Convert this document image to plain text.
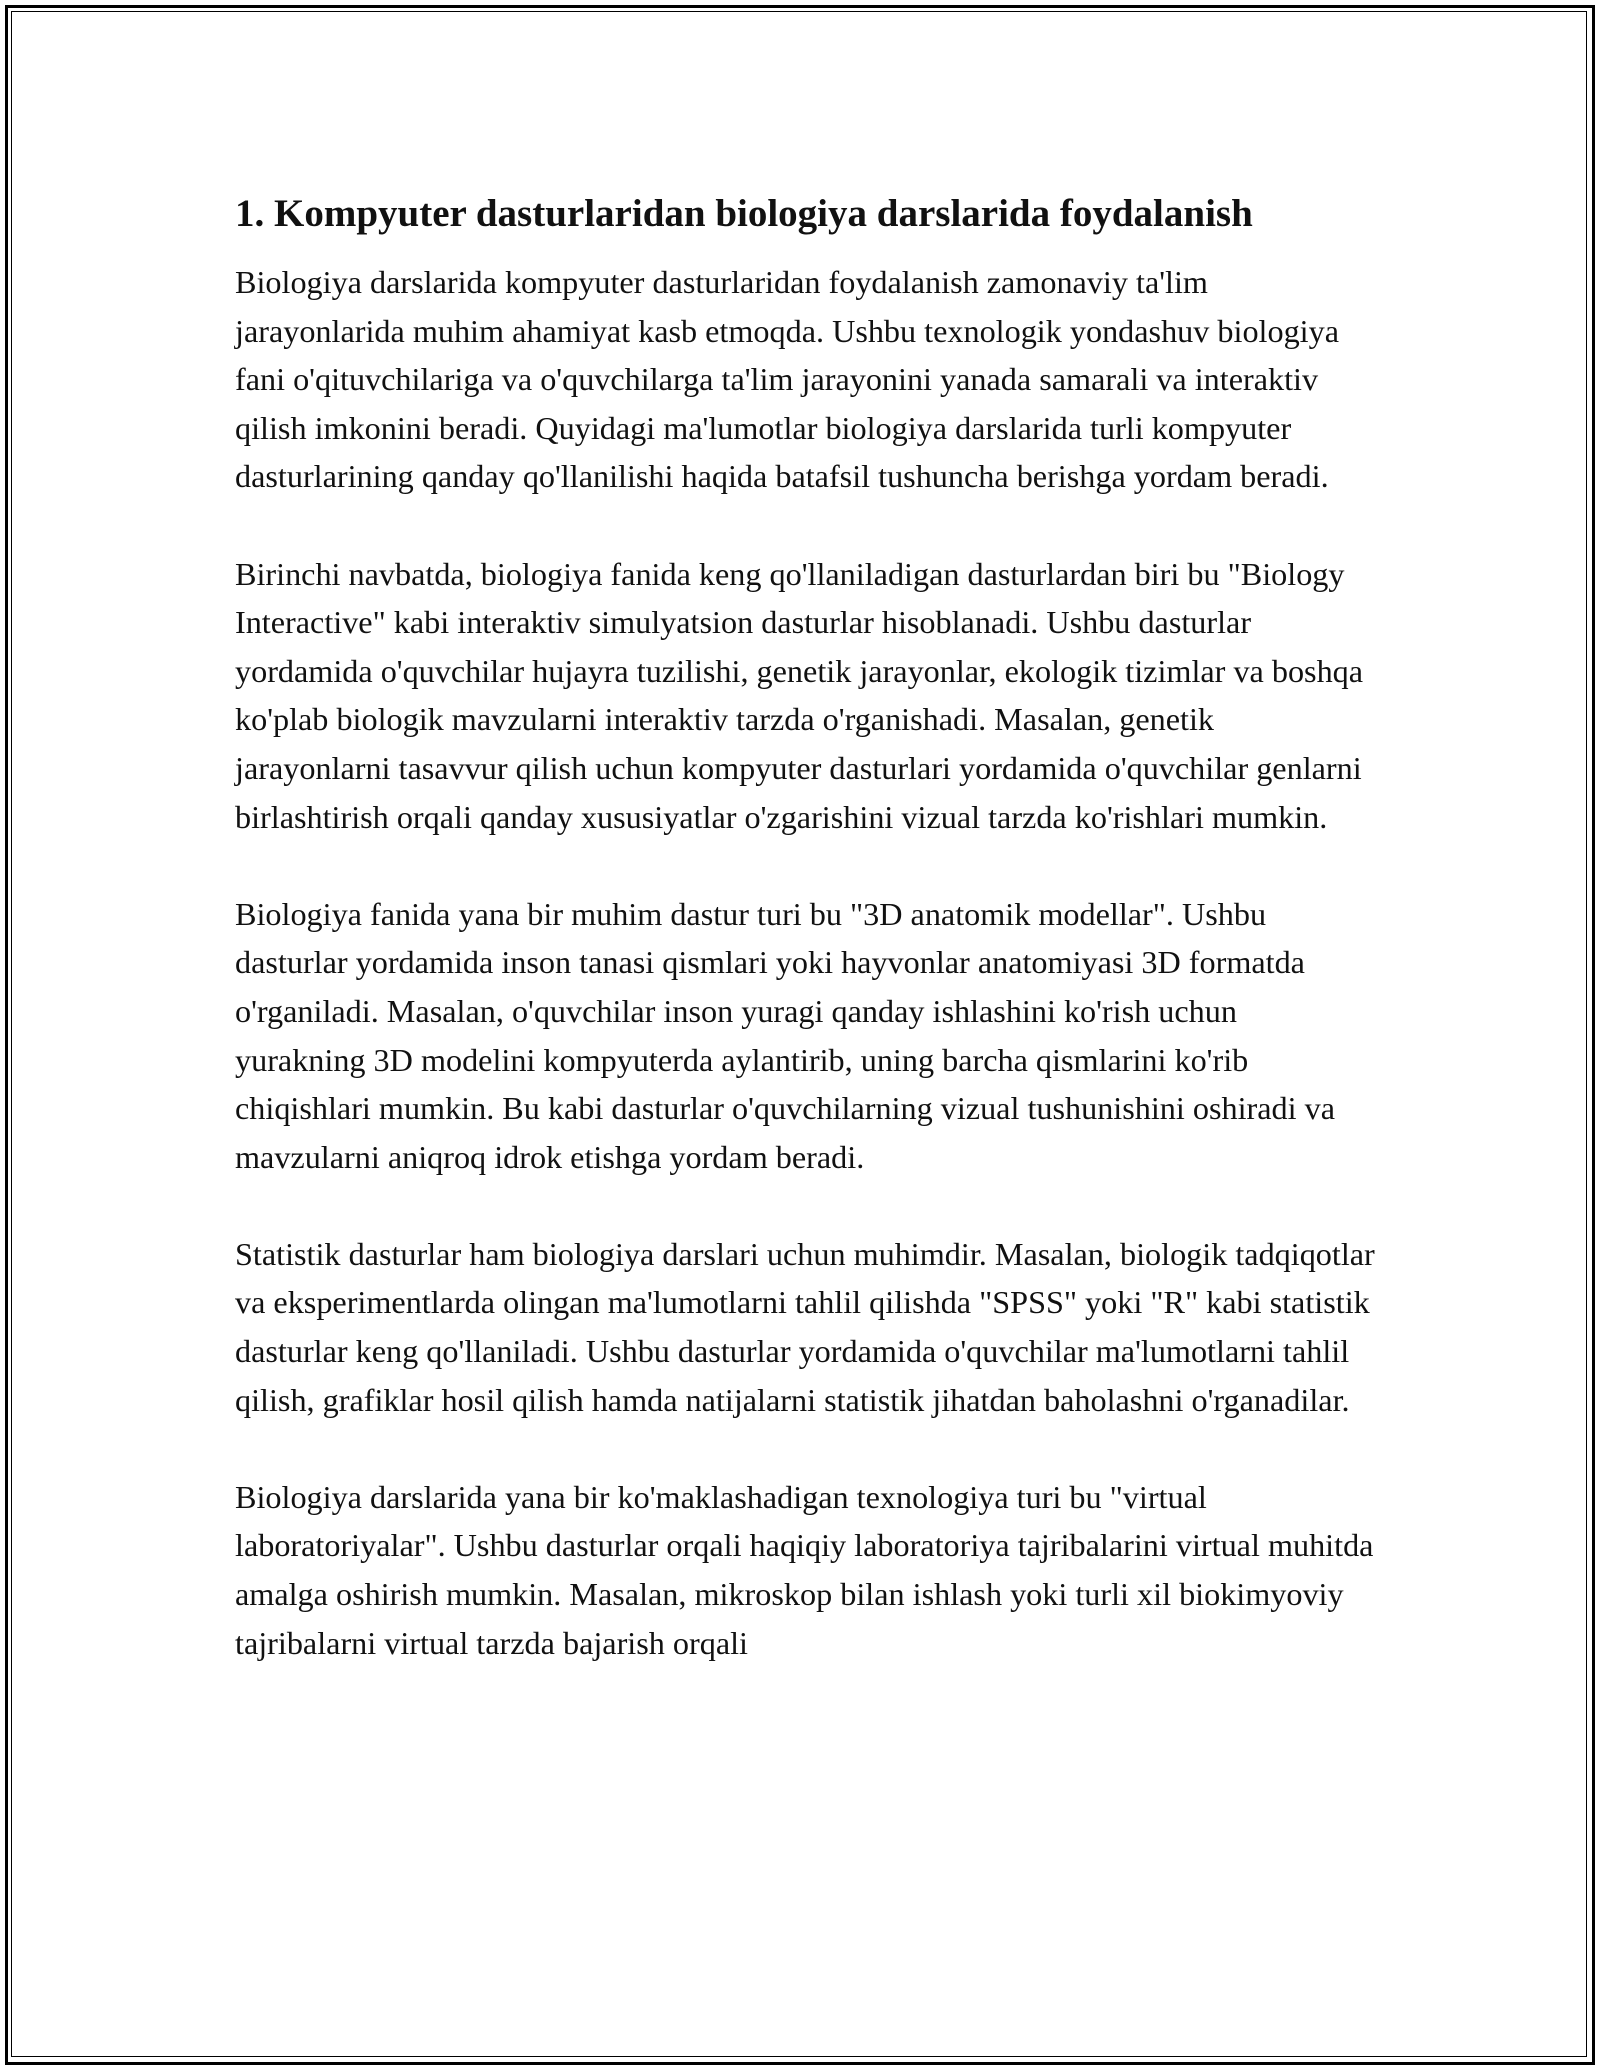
1. Kompyuter dasturlaridan biologiya darslarida foydalanish

Biologiya darslarida kompyuter dasturlaridan foydalanish zamonaviy ta'lim jarayonlarida muhim ahamiyat kasb etmoqda. Ushbu texnologik yondashuv biologiya fani o'qituvchilariga va o'quvchilarga ta'lim jarayonini yanada samarali va interaktiv qilish imkonini beradi. Quyidagi ma'lumotlar biologiya darslarida turli kompyuter dasturlarining qanday qo'llanilishi haqida batafsil tushuncha berishga yordam beradi.

Birinchi navbatda, biologiya fanida keng qo'llaniladigan dasturlardan biri bu "Biology Interactive" kabi interaktiv simulyatsion dasturlar hisoblanadi. Ushbu dasturlar yordamida o'quvchilar hujayra tuzilishi, genetik jarayonlar, ekologik tizimlar va boshqa ko'plab biologik mavzularni interaktiv tarzda o'rganishadi. Masalan, genetik jarayonlarni tasavvur qilish uchun kompyuter dasturlari yordamida o'quvchilar genlarni birlashtirish orqali qanday xususiyatlar o'zgarishini vizual tarzda ko'rishlari mumkin.

Biologiya fanida yana bir muhim dastur turi bu "3D anatomik modellar". Ushbu dasturlar yordamida inson tanasi qismlari yoki hayvonlar anatomiyasi 3D formatda o'rganiladi. Masalan, o'quvchilar inson yuragi qanday ishlashini ko'rish uchun yurakning 3D modelini kompyuterda aylantirib, uning barcha qismlarini ko'rib chiqishlari mumkin. Bu kabi dasturlar o'quvchilarning vizual tushunishini oshiradi va mavzularni aniqroq idrok etishga yordam beradi.

Statistik dasturlar ham biologiya darslari uchun muhimdir. Masalan, biologik tadqiqotlar va eksperimentlarda olingan ma'lumotlarni tahlil qilishda "SPSS" yoki "R" kabi statistik dasturlar keng qo'llaniladi. Ushbu dasturlar yordamida o'quvchilar ma'lumotlarni tahlil qilish, grafiklar hosil qilish hamda natijalarni statistik jihatdan baholashni o'rganadilar.

Biologiya darslarida yana bir ko'maklashadigan texnologiya turi bu "virtual laboratoriyalar". Ushbu dasturlar orqali haqiqiy laboratoriya tajribalarini virtual muhitda amalga oshirish mumkin. Masalan, mikroskop bilan ishlash yoki turli xil biokimyoviy tajribalarni virtual tarzda bajarish orqali
